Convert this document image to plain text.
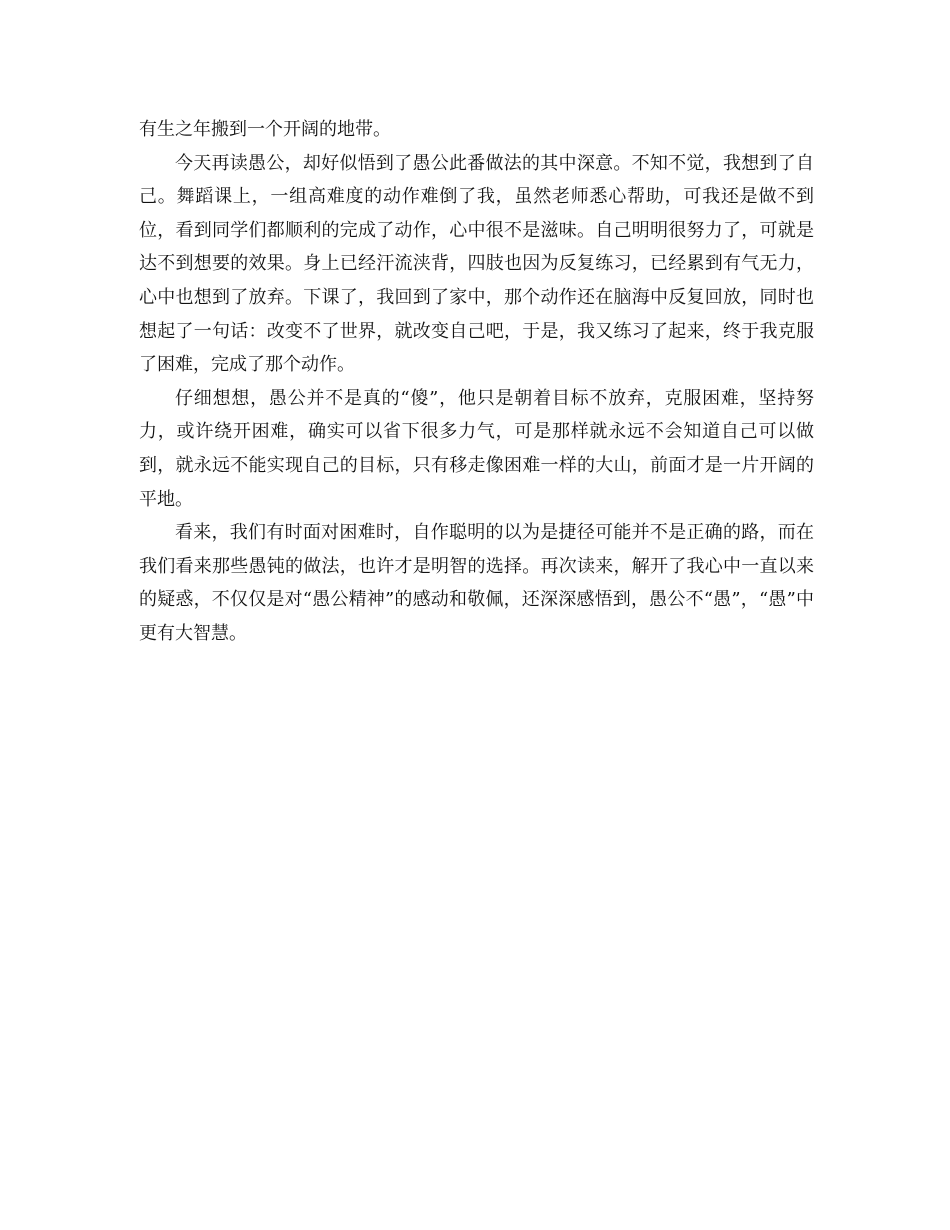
有生之年搬到一个开阔的地带。

今天再读愚公，却好似悟到了愚公此番做法的其中深意。不知不觉，我想到了自己。舞蹈课上，一组高难度的动作难倒了我，虽然老师悉心帮助，可我还是做不到位，看到同学们都顺利的完成了动作，心中很不是滋味。自己明明很努力了，可就是达不到想要的效果。身上已经汗流浃背，四肢也因为反复练习，已经累到有气无力，心中也想到了放弃。下课了，我回到了家中，那个动作还在脑海中反复回放，同时也想起了一句话：改变不了世界，就改变自己吧，于是，我又练习了起来，终于我克服了困难，完成了那个动作。

仔细想想，愚公并不是真的“傻”，他只是朝着目标不放弃，克服困难，坚持努力，或许绕开困难，确实可以省下很多力气，可是那样就永远不会知道自己可以做到，就永远不能实现自己的目标，只有移走像困难一样的大山，前面才是一片开阔的平地。

看来，我们有时面对困难时，自作聪明的以为是捷径可能并不是正确的路，而在我们看来那些愚钝的做法，也许才是明智的选择。再次读来，解开了我心中一直以来的疑惑，不仅仅是对“愚公精神”的感动和敬佩，还深深感悟到，愚公不“愚”，“愚”中更有大智慧。
